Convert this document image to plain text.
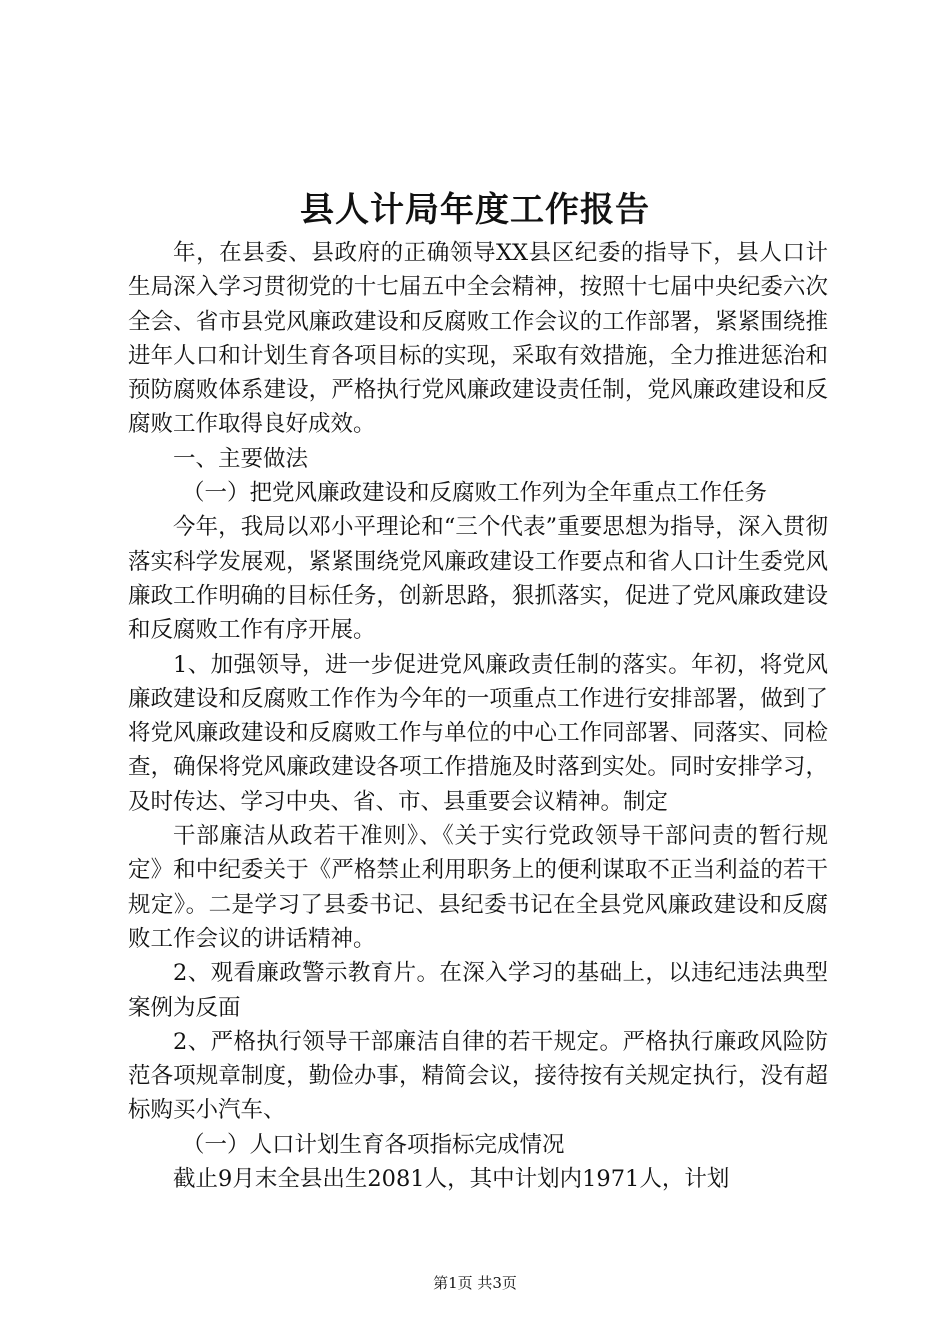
县人计局年度工作报告

年，在县委、县政府的正确领导XX县区纪委的指导下，县人口计生局深入学习贯彻党的十七届五中全会精神，按照十七届中央纪委六次全会、省市县党风廉政建设和反腐败工作会议的工作部署，紧紧围绕推进年人口和计划生育各项目标的实现，采取有效措施，全力推进惩治和预防腐败体系建设，严格执行党风廉政建设责任制，党风廉政建设和反腐败工作取得良好成效。

一、主要做法

（一）把党风廉政建设和反腐败工作列为全年重点工作任务

今年，我局以邓小平理论和“三个代表”重要思想为指导，深入贯彻落实科学发展观，紧紧围绕党风廉政建设工作要点和省人口计生委党风廉政工作明确的目标任务，创新思路，狠抓落实，促进了党风廉政建设和反腐败工作有序开展。

1、加强领导，进一步促进党风廉政责任制的落实。年初，将党风廉政建设和反腐败工作作为今年的一项重点工作进行安排部署，做到了将党风廉政建设和反腐败工作与单位的中心工作同部署、同落实、同检查，确保将党风廉政建设各项工作措施及时落到实处。同时安排学习，及时传达、学习中央、省、市、县重要会议精神。制定

干部廉洁从政若干准则》、《关于实行党政领导干部问责的暂行规定》和中纪委关于《严格禁止利用职务上的便利谋取不正当利益的若干规定》。二是学习了县委书记、县纪委书记在全县党风廉政建设和反腐败工作会议的讲话精神。

2、观看廉政警示教育片。在深入学习的基础上，以违纪违法典型案例为反面

2、严格执行领导干部廉洁自律的若干规定。严格执行廉政风险防范各项规章制度，勤俭办事，精简会议，接待按有关规定执行，没有超标购买小汽车、

（一）人口计划生育各项指标完成情况

截止9月末全县出生2081人，其中计划内1971人，计划

第1页 共3页
